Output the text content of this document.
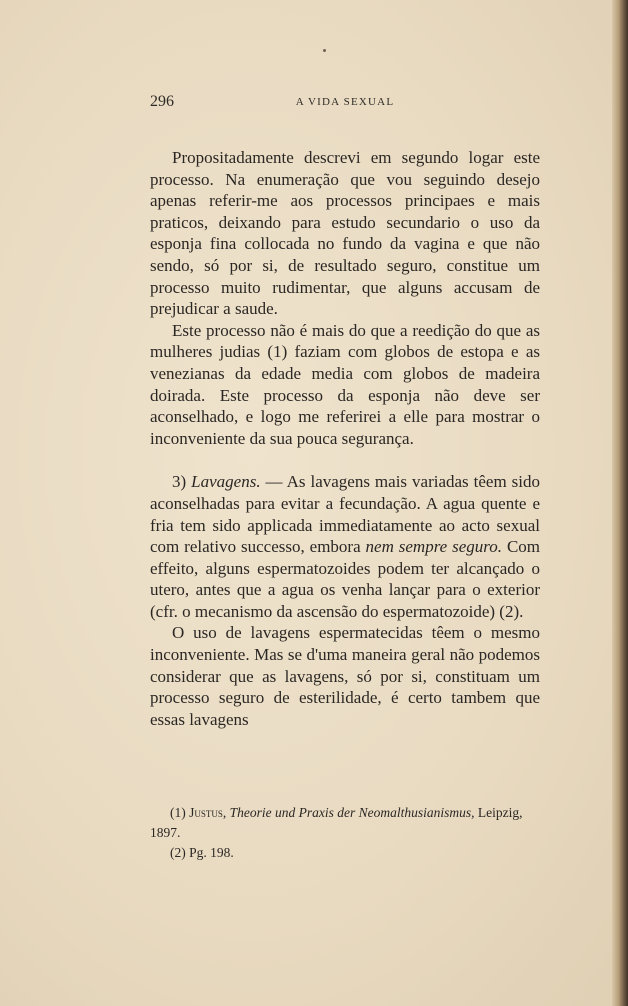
296	A VIDA SEXUAL

Propositadamente descrevi em segundo logar este processo. Na enumeração que vou seguindo desejo apenas referir-me aos processos principaes e mais praticos, deixando para estudo secundario o uso da esponja fina collocada no fundo da vagina e que não sendo, só por si, de resultado seguro, constitue um processo muito rudimentar, que alguns accusam de prejudicar a saude.

Este processo não é mais do que a reedição do que as mulheres judias (1) faziam com globos de estopa e as venezianas da edade media com globos de madeira doirada. Este processo da esponja não deve ser aconselhado, e logo me referirei a elle para mostrar o inconveniente da sua pouca segurança.

3) Lavagens. — As lavagens mais variadas têem sido aconselhadas para evitar a fecundação. A agua quente e fria tem sido applicada immediatamente ao acto sexual com relativo successo, embora nem sempre seguro. Com effeito, alguns espermatozoides podem ter alcançado o utero, antes que a agua os venha lançar para o exterior (cfr. o mecanismo da ascensão do espermatozoide) (2).

O uso de lavagens espermatecidas têem o mesmo inconveniente. Mas se d'uma maneira geral não podemos considerar que as lavagens, só por si, constituam um processo seguro de esterilidade, é certo tambem que essas lavagens

(1) Justus, Theorie und Praxis der Neomalthusianismus, Leipzig, 1897.

(2) Pg. 198.
